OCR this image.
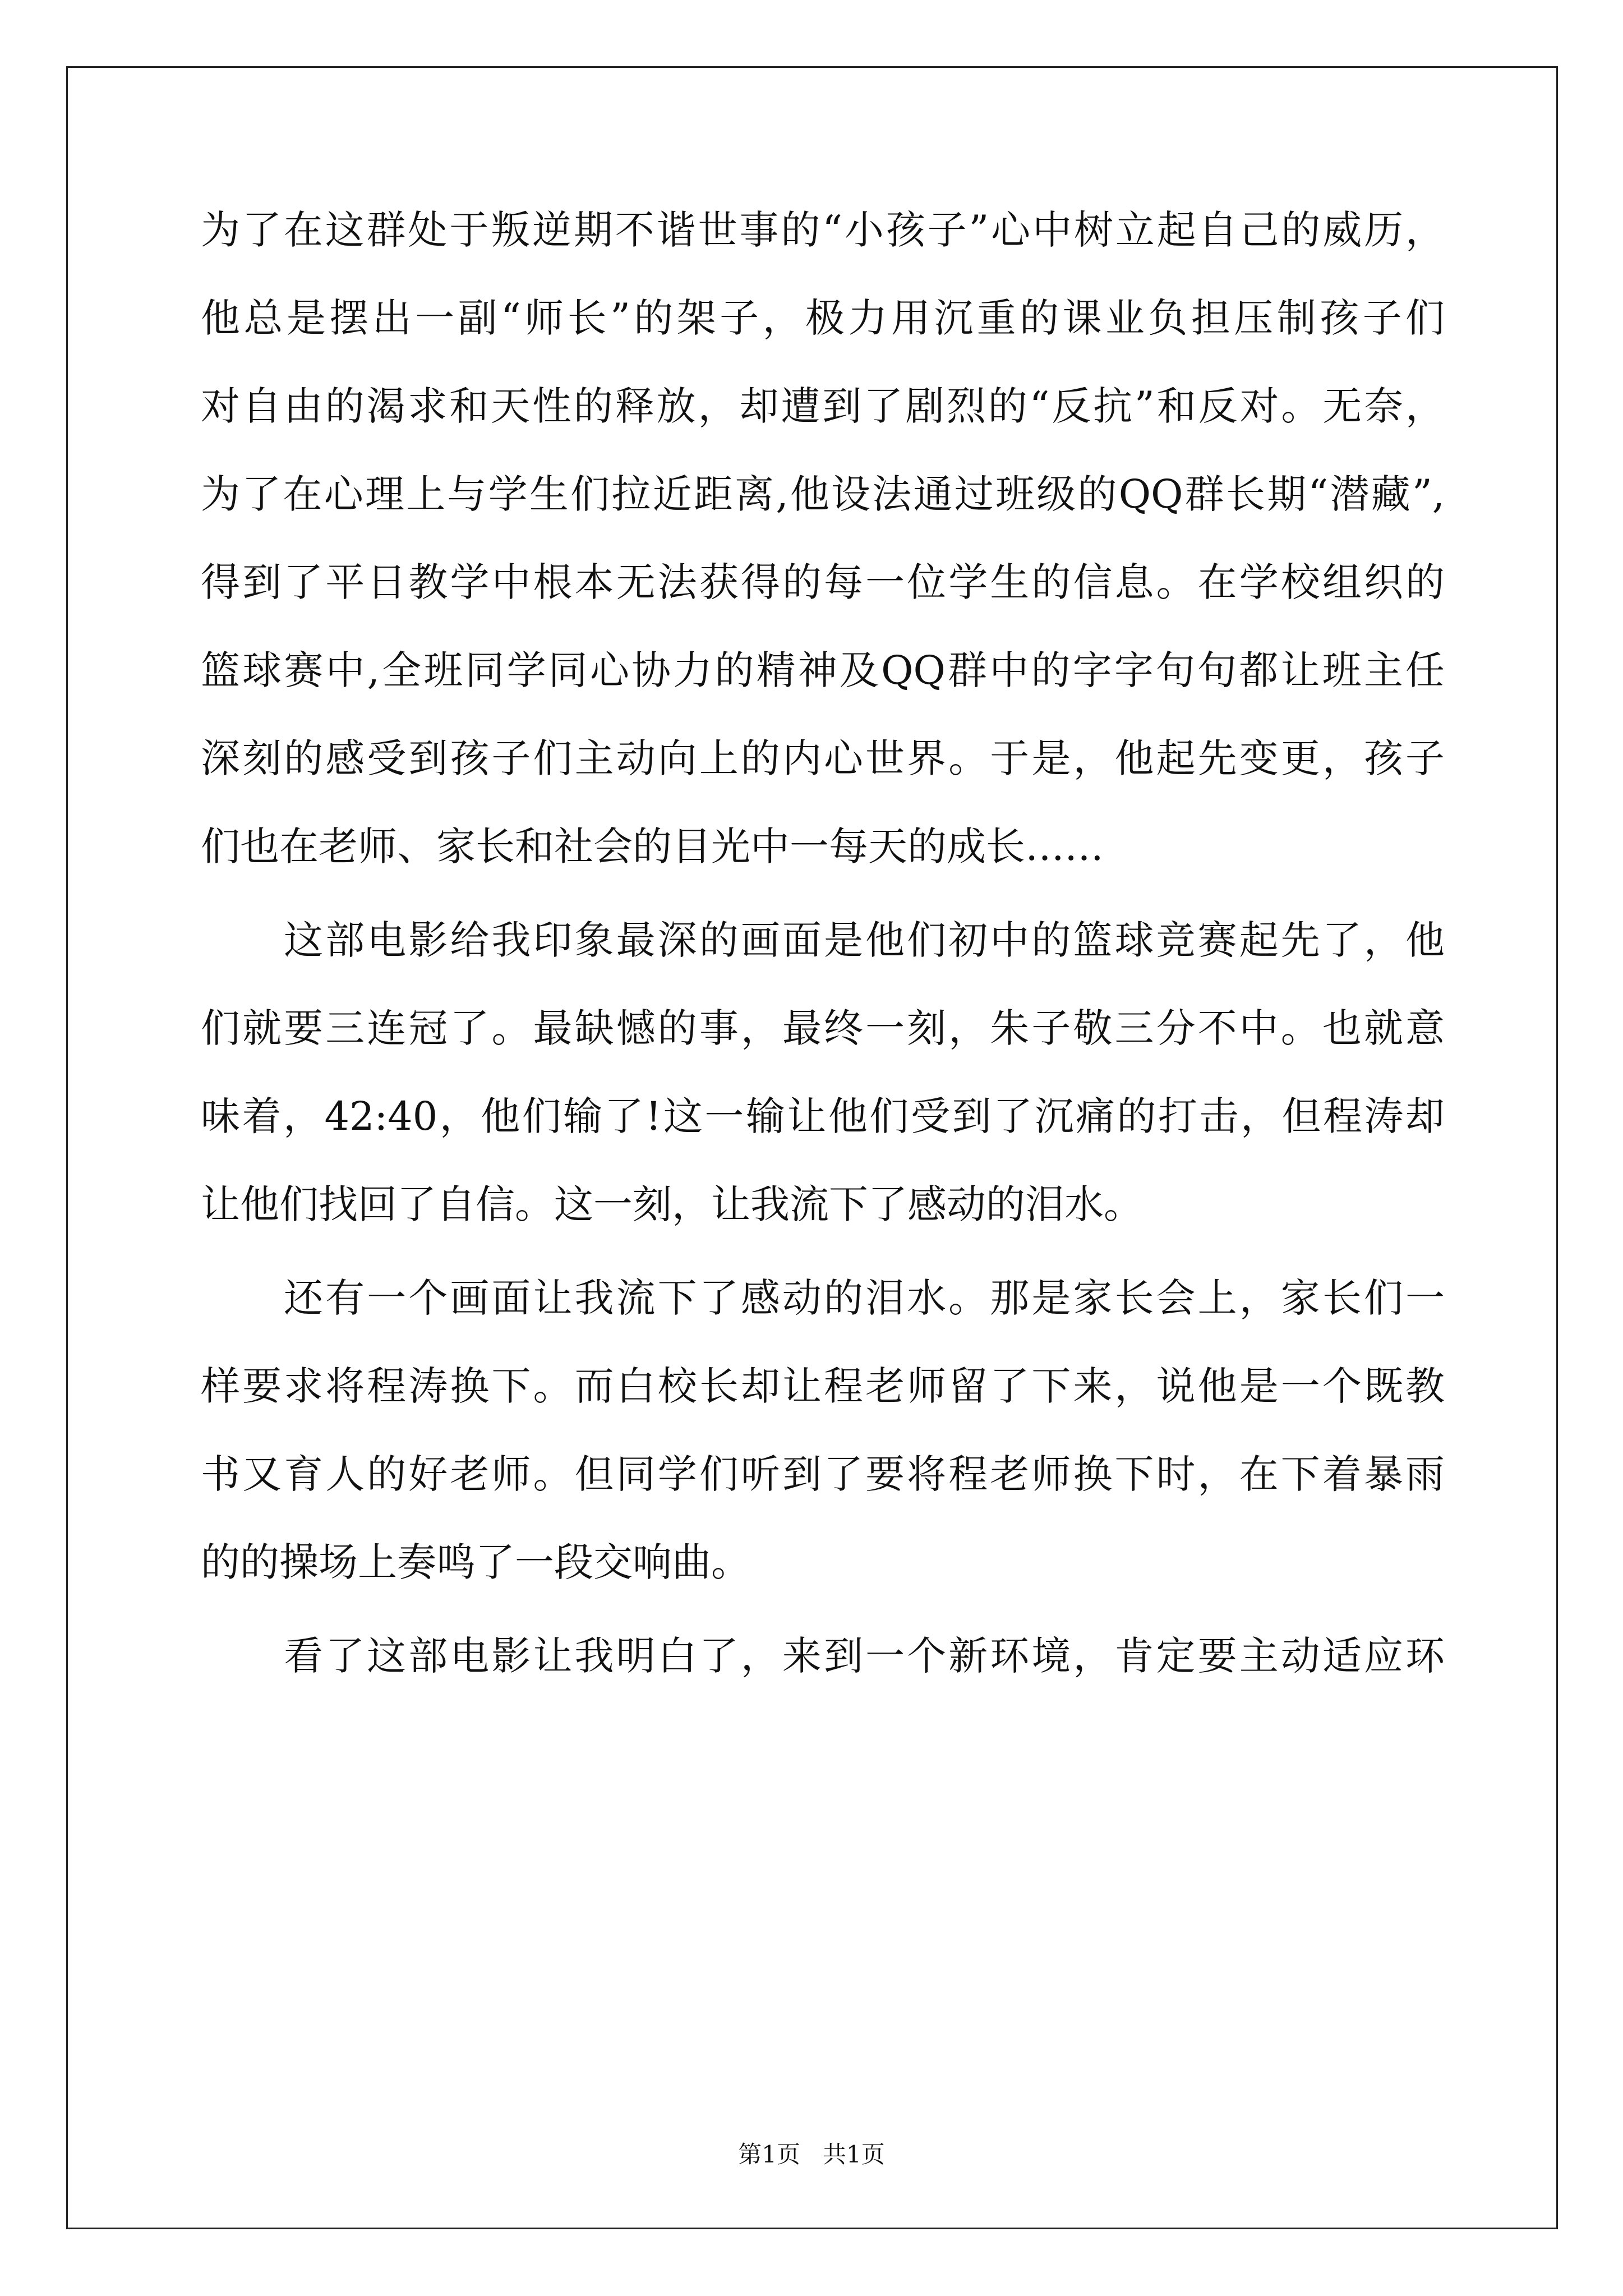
为了在这群处于叛逆期不谐世事的“小孩子”心中树立起自己的威历，
他总是摆出一副“师长”的架子，极力用沉重的课业负担压制孩子们
对自由的渴求和天性的释放，却遭到了剧烈的“反抗”和反对。无奈，
为了在心理上与学生们拉近距离,他设法通过班级的QQ群长期“潜藏”,
得到了平日教学中根本无法获得的每一位学生的信息。在学校组织的
篮球赛中,全班同学同心协力的精神及QQ群中的字字句句都让班主任
深刻的感受到孩子们主动向上的内心世界。于是，他起先变更，孩子
们也在老师、家长和社会的目光中一每天的成长……
这部电影给我印象最深的画面是他们初中的篮球竞赛起先了，他
们就要三连冠了。最缺憾的事，最终一刻，朱子敬三分不中。也就意
味着，42:40，他们输了!这一输让他们受到了沉痛的打击，但程涛却
让他们找回了自信。这一刻，让我流下了感动的泪水。
还有一个画面让我流下了感动的泪水。那是家长会上，家长们一
样要求将程涛换下。而白校长却让程老师留了下来，说他是一个既教
书又育人的好老师。但同学们听到了要将程老师换下时，在下着暴雨
的的操场上奏鸣了一段交响曲。
看了这部电影让我明白了，来到一个新环境，肯定要主动适应环
第1页   共1页
